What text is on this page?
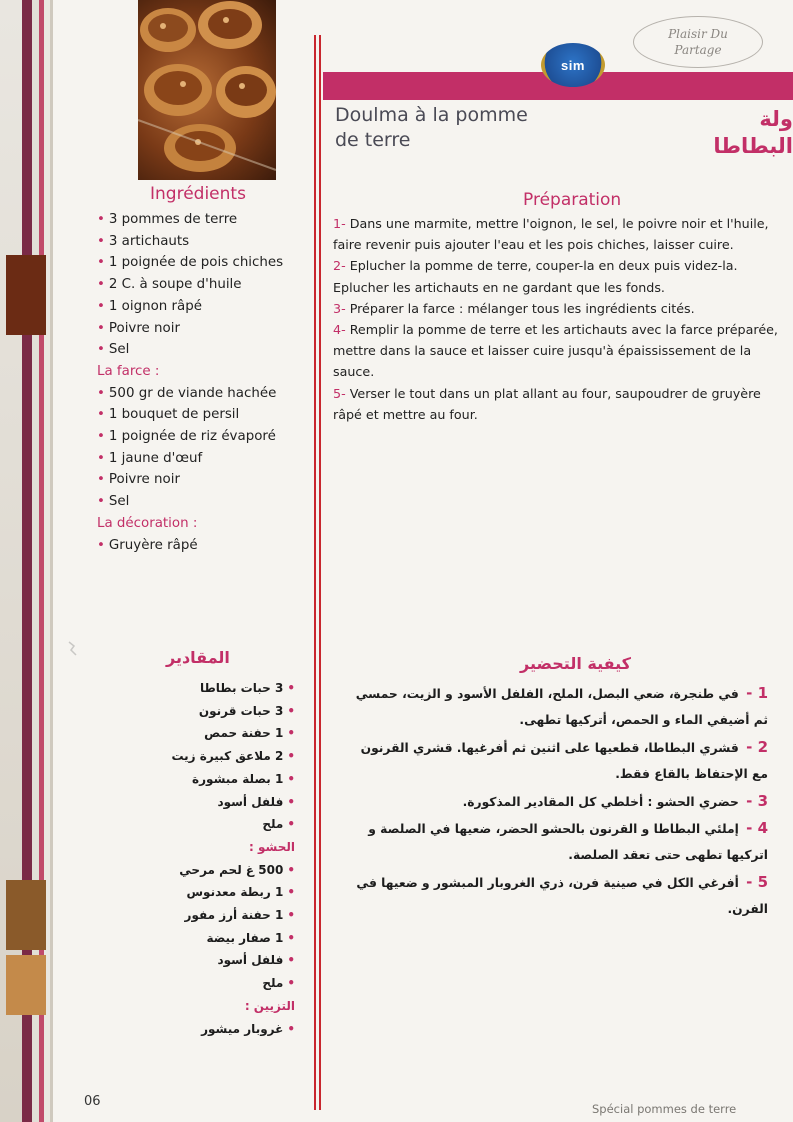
sim
Plaisir Du
Partage
Doulma à la pomme
de terre
ولة
البطاطا
Ingrédients
• 3 pommes de terre
• 3 artichauts
• 1 poignée de pois chiches
• 2 C. à soupe d'huile
• 1 oignon râpé
• Poivre noir
• Sel
La farce :
• 500 gr de viande hachée
• 1 bouquet de persil
• 1 poignée de riz évaporé
• 1 jaune d'œuf
• Poivre noir
• Sel
La décoration :
• Gruyère râpé
Préparation
1- Dans une marmite, mettre l'oignon, le sel, le poivre noir et l'huile, faire revenir puis ajouter l'eau et les pois chiches, laisser cuire.
2- Eplucher la pomme de terre, couper-la en deux puis videz-la. Eplucher les artichauts en ne gardant que les fonds.
3- Préparer la farce : mélanger tous les ingrédients cités.
4- Remplir la pomme de terre et les artichauts avec la farce préparée, mettre dans la sauce et laisser cuire jusqu'à épaississement de la sauce.
5- Verser le tout dans un plat allant au four, saupoudrer de gruyère râpé et mettre au four.
المقادير
•3 حبات بطاطا
•3 حبات قرنون
•1 حفنة حمص
•2 ملاعق كبيرة زيت
•1 بصلة مبشورة
•فلفل أسود
•ملح
الحشو :
•500 غ لحم مرحي
•1 ربطة معدنوس
•1 حفنة أرز مفور
•1 صفار بيضة
•فلفل أسود
•ملح
التزيين :
•غروبار ميشور
كيفية التحضير
1 - في طنجرة، ضعي البصل، الملح، الفلفل الأسود و الزيت، حمسي ثم أضيفي الماء و الحمص، أتركيها تطهى.
2 - قشري البطاطا، قطعيها على اثنين ثم أفرغيها. قشري القرنون مع الإحتفاظ بالقاع فقط.
3 - حضري الحشو : أخلطي كل المقادير المذكورة.
4 - إملئي البطاطا و القرنون بالحشو الحضر، ضعيها في الصلصة و اتركيها تطهى حتى تعقد الصلصة.
5 - أفرغي الكل في صينية فرن، ذري الغروبار المبشور و ضعيها في الفرن.
06	Spécial pommes de terre
